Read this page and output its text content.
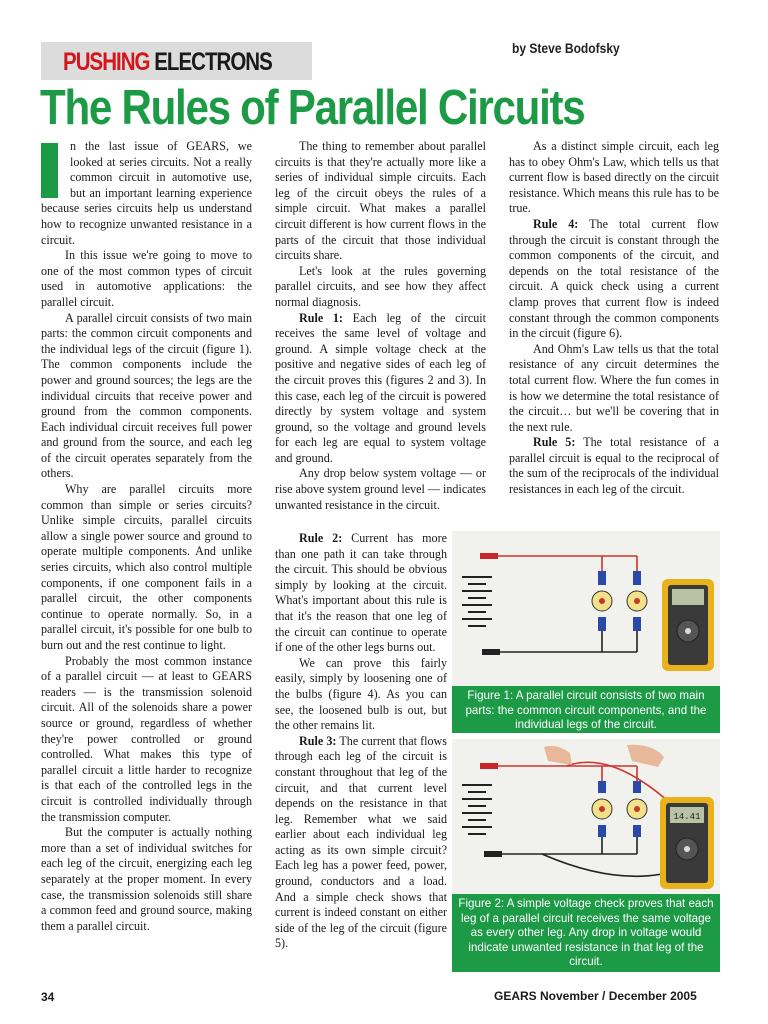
PUSHING ELECTRONS	by Steve Bodofsky
The Rules of Parallel Circuits

n the last issue of GEARS, we looked at series circuits. Not a really common circuit in automotive use, but an important learning experience because series circuits help us understand how to recognize unwanted resistance in a circuit.

In this issue we're going to move to one of the most common types of circuit used in automotive applications: the parallel circuit.

A parallel circuit consists of two main parts: the common circuit components and the individual legs of the circuit (figure 1). The common components include the power and ground sources; the legs are the individual circuits that receive power and ground from the common components. Each individual circuit receives full power and ground from the source, and each leg of the circuit operates separately from the others.

Why are parallel circuits more common than simple or series circuits? Unlike simple circuits, parallel circuits allow a single power source and ground to operate multiple components. And unlike series circuits, which also control multiple components, if one component fails in a parallel circuit, the other components continue to operate normally. So, in a parallel circuit, it's possible for one bulb to burn out and the rest continue to light.

Probably the most common instance of a parallel circuit — at least to GEARS readers — is the transmission solenoid circuit. All of the solenoids share a power source or ground, regardless of whether they're power controlled or ground controlled. What makes this type of parallel circuit a little harder to recognize is that each of the controlled legs in the circuit is controlled individually through the transmission computer.

But the computer is actually nothing more than a set of individual switches for each leg of the circuit, energizing each leg separately at the proper moment. In every case, the transmission solenoids still share a common feed and ground source, making them a parallel circuit.

The thing to remember about parallel circuits is that they're actually more like a series of individual simple circuits. Each leg of the circuit obeys the rules of a simple circuit. What makes a parallel circuit different is how current flows in the parts of the circuit that those individual circuits share.

Let's look at the rules governing parallel circuits, and see how they affect normal diagnosis.

Rule 1: Each leg of the circuit receives the same level of voltage and ground. A simple voltage check at the positive and negative sides of each leg of the circuit proves this (figures 2 and 3). In this case, each leg of the circuit is powered directly by system voltage and system ground, so the voltage and ground levels for each leg are equal to system voltage and ground.

Any drop below system voltage — or rise above system ground level — indicates unwanted resistance in the circuit.

Rule 2: Current has more than one path it can take through the circuit. This should be obvious simply by looking at the circuit. What's important about this rule is that it's the reason that one leg of the circuit can continue to operate if one of the other legs burns out.

We can prove this fairly easily, simply by loosening one of the bulbs (figure 4). As you can see, the loosened bulb is out, but the other remains lit.

Rule 3: The current that flows through each leg of the circuit is constant throughout that leg of the circuit, and that current level depends on the resistance in that leg. Remember what we said earlier about each individual leg acting as its own simple circuit? Each leg has a power feed, power, ground, conductors and a load. And a simple check shows that current is indeed constant on either side of the leg of the circuit (figure 5).

As a distinct simple circuit, each leg has to obey Ohm's Law, which tells us that current flow is based directly on the circuit resistance. Which means this rule has to be true.

Rule 4: The total current flow through the circuit is constant through the common components of the circuit, and depends on the total resistance of the circuit. A quick check using a current clamp proves that current flow is indeed constant through the common components in the circuit (figure 6).

And Ohm's Law tells us that the total resistance of any circuit determines the total current flow. Where the fun comes in is how we determine the total resistance of the circuit… but we'll be covering that in the next rule.

Rule 5: The total resistance of a parallel circuit is equal to the reciprocal of the sum of the reciprocals of the individual resistances in each leg of the circuit.

Figure 1: A parallel circuit consists of two main parts: the common circuit components, and the individual legs of the circuit.
14.41
Figure 2: A simple voltage check proves that each leg of a parallel circuit receives the same voltage as every other leg. Any drop in voltage would indicate unwanted resistance in that leg of the circuit.
34	GEARS November / December 2005
